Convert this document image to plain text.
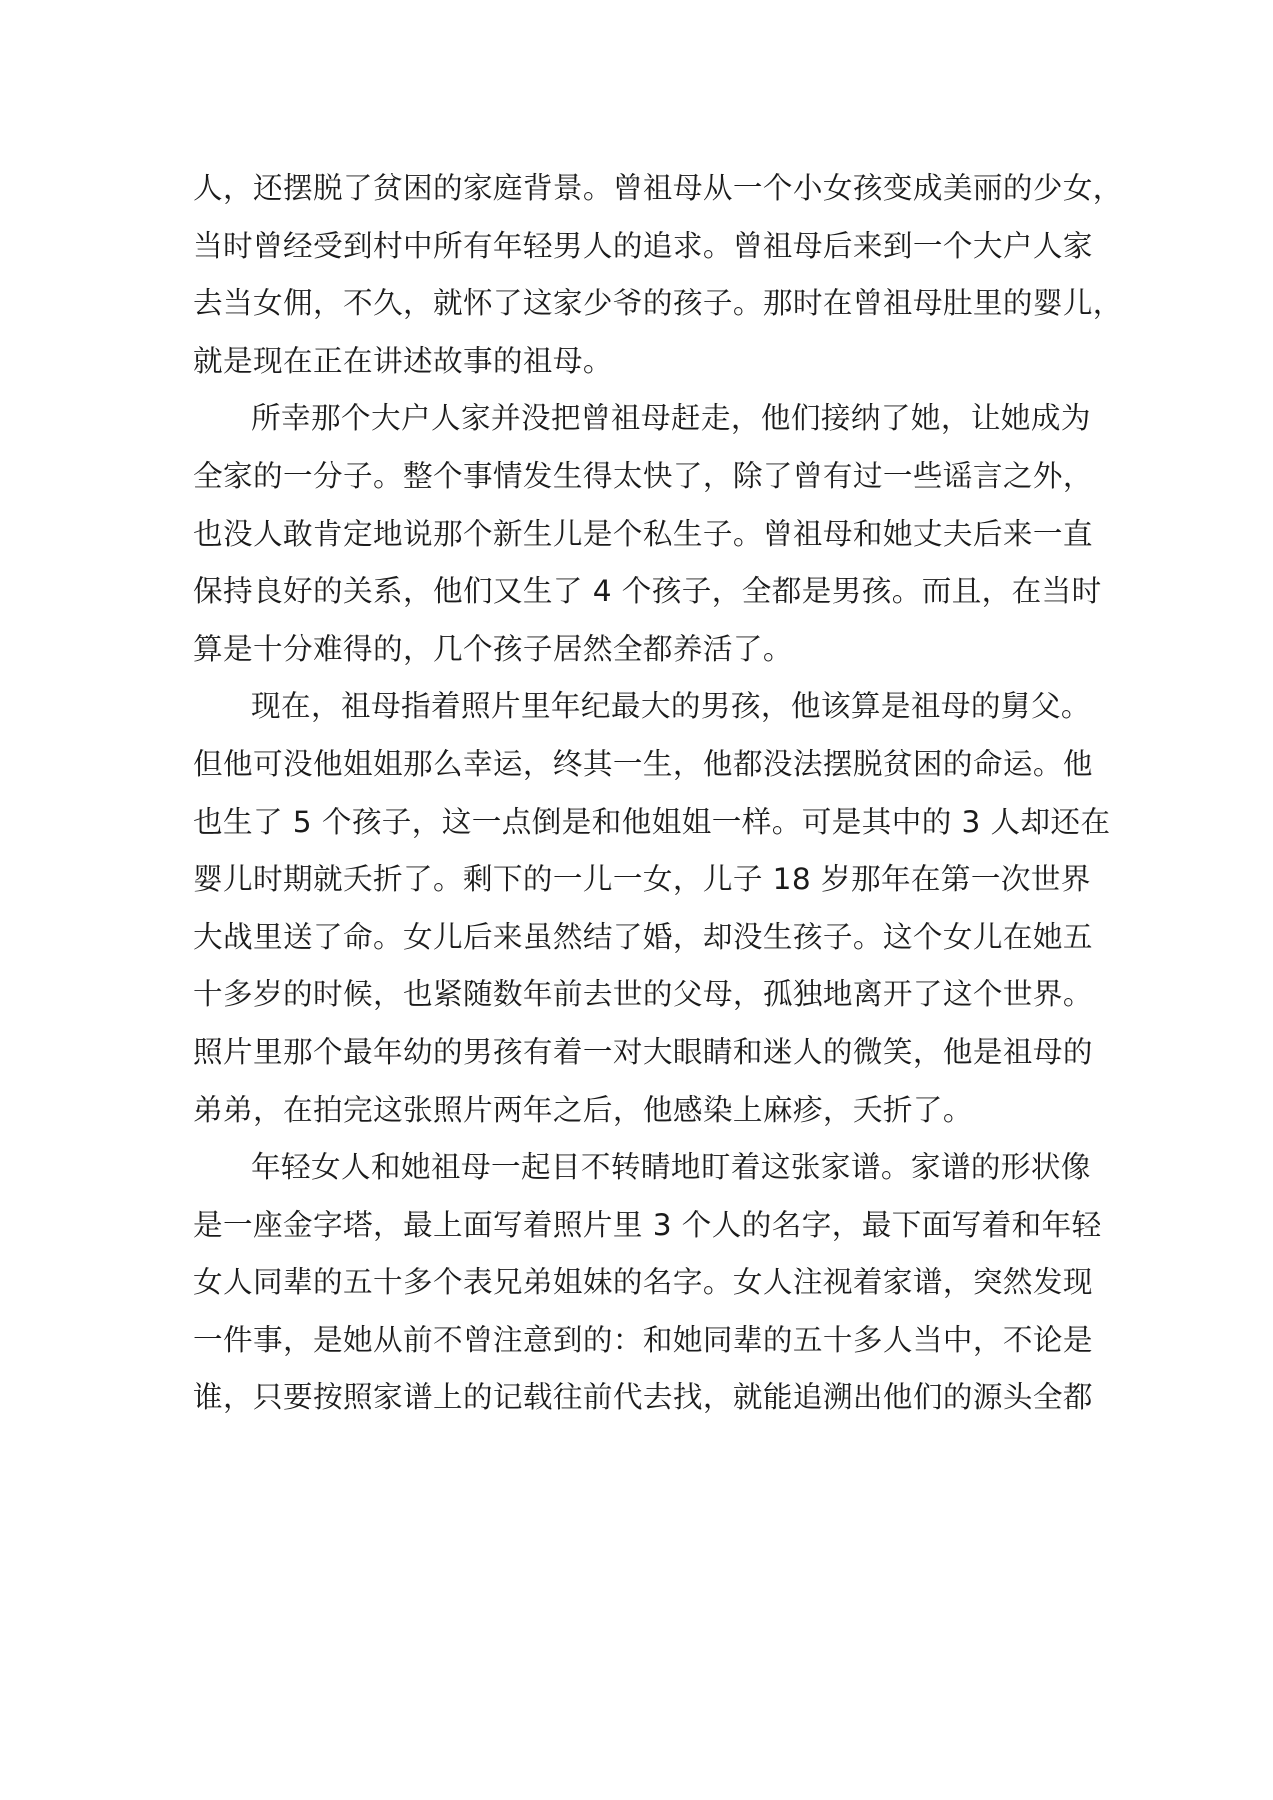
人，还摆脱了贫困的家庭背景。曾祖母从一个小女孩变成美丽的少女，
当时曾经受到村中所有年轻男人的追求。曾祖母后来到一个大户人家
去当女佣，不久，就怀了这家少爷的孩子。那时在曾祖母肚里的婴儿，
就是现在正在讲述故事的祖母。
所幸那个大户人家并没把曾祖母赶走，他们接纳了她，让她成为
全家的一分子。整个事情发生得太快了，除了曾有过一些谣言之外，
也没人敢肯定地说那个新生儿是个私生子。曾祖母和她丈夫后来一直
保持良好的关系，他们又生了 4 个孩子，全都是男孩。而且，在当时
算是十分难得的，几个孩子居然全都养活了。
现在，祖母指着照片里年纪最大的男孩，他该算是祖母的舅父。
但他可没他姐姐那么幸运，终其一生，他都没法摆脱贫困的命运。他
也生了 5 个孩子，这一点倒是和他姐姐一样。可是其中的 3 人却还在
婴儿时期就夭折了。剩下的一儿一女，儿子 18 岁那年在第一次世界
大战里送了命。女儿后来虽然结了婚，却没生孩子。这个女儿在她五
十多岁的时候，也紧随数年前去世的父母，孤独地离开了这个世界。
照片里那个最年幼的男孩有着一对大眼睛和迷人的微笑，他是祖母的
弟弟，在拍完这张照片两年之后，他感染上麻疹，夭折了。
年轻女人和她祖母一起目不转睛地盯着这张家谱。家谱的形状像
是一座金字塔，最上面写着照片里 3 个人的名字，最下面写着和年轻
女人同辈的五十多个表兄弟姐妹的名字。女人注视着家谱，突然发现
一件事，是她从前不曾注意到的：和她同辈的五十多人当中，不论是
谁，只要按照家谱上的记载往前代去找，就能追溯出他们的源头全都
